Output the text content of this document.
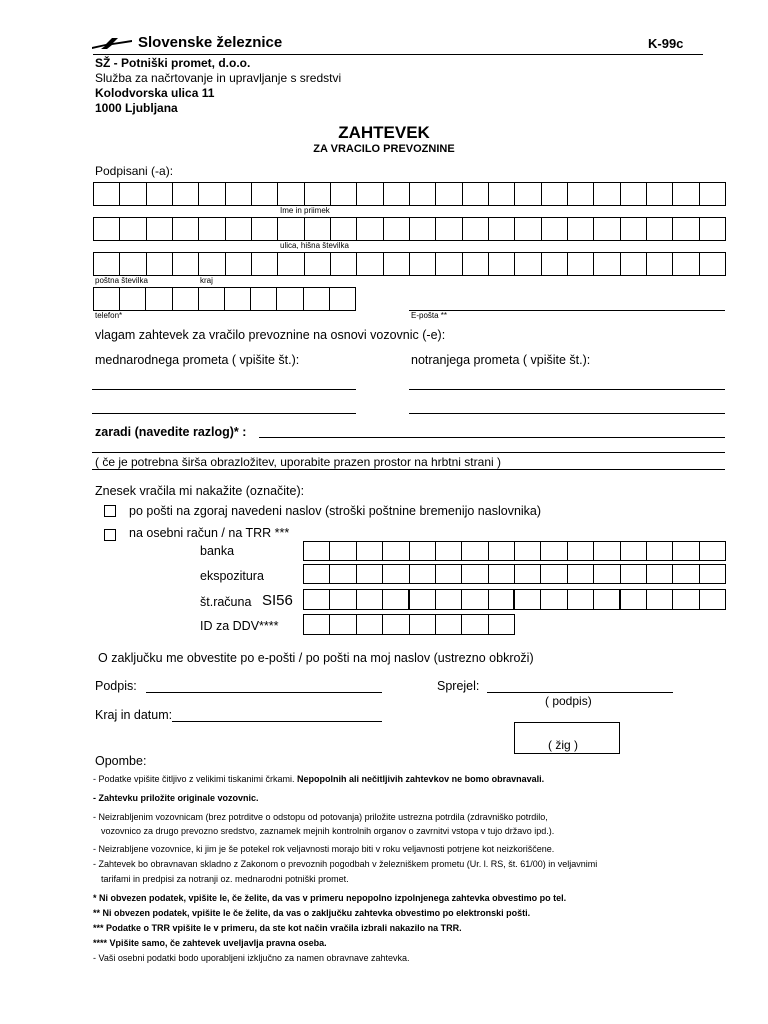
Slovenske železnice	K-99c
SŽ - Potniški promet, d.o.o.
Služba za načrtovanje in upravljanje s sredstvi
Kolodvorska ulica 11
1000 Ljubljana
ZAHTEVEK
ZA VRACILO PREVOZNINE
Podpisani (-a):
Ime in priimek
ulica, hišna številka
poštna številka	kraj
telefon*	E-pošta **
vlagam zahtevek za vračilo prevoznine na osnovi vozovnic (-e):
mednarodnega prometa ( vpišite št.):	notranjega prometa ( vpišite št.):
zaradi (navedite razlog)* :
( če je potrebna širša obrazložitev, uporabite prazen prostor na hrbtni strani )
Znesek vračila mi nakažite (označite):
po pošti na zgoraj navedeni naslov (stroški poštnine bremenijo naslovnika)
na osebni račun / na TRR ***
banka
ekspozitura
št.računa SI56
ID za DDV****
O zaključku me obvestite po e-pošti / po pošti na moj naslov (ustrezno obkroži)
Podpis:	Sprejel:
( podpis)
Kraj in datum:
( žig )
Opombe:
- Podatke vpišite čitljivo z velikimi tiskanimi črkami. Nepopolnih ali nečitljivih zahtevkov ne bomo obravnavali.
- Zahtevku priložite originale vozovnic.
- Neizrabljenim vozovnicam (brez potrditve o odstopu od potovanja) priložite ustrezna potrdila (zdravniško potrdilo,
vozovnico za drugo prevozno sredstvo, zaznamek mejnih kontrolnih organov o zavrnitvi vstopa v tujo državo ipd.).
- Neizrabljene vozovnice, ki jim je še potekel rok veljavnosti morajo biti v roku veljavnosti potrjene kot neizkoriščene.
- Zahtevek bo obravnavan skladno z Zakonom o prevoznih pogodbah v železniškem prometu (Ur. l. RS, št. 61/00) in veljavnimi
tarifami in predpisi za notranji oz. mednarodni potniški promet.
* Ni obvezen podatek, vpišite le, če želite, da vas v primeru nepopolno izpolnjenega zahtevka obvestimo po tel.
** Ni obvezen podatek, vpišite le če želite, da vas o zaključku zahtevka obvestimo po elektronski pošti.
*** Podatke o TRR vpišite le v primeru, da ste kot način vračila izbrali nakazilo na TRR.
**** Vpišite samo, če zahtevek uveljavlja pravna oseba.
- Vaši osebni podatki bodo uporabljeni izključno za namen obravnave zahtevka.
